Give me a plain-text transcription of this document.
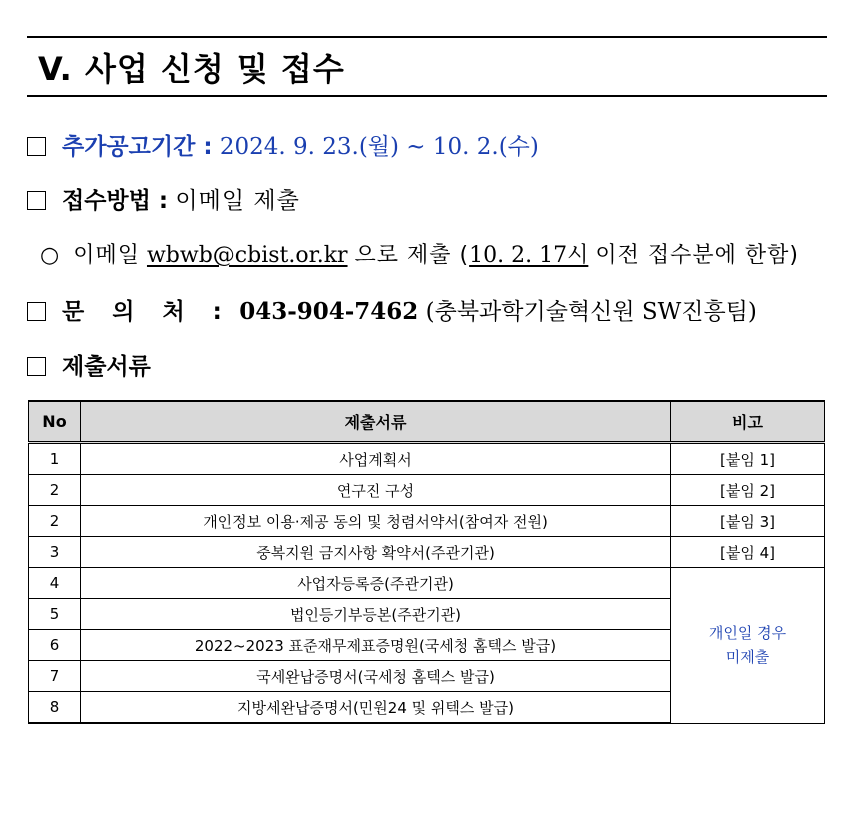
V. 사업 신청 및 접수
추가공고기간 : 2024. 9. 23.(월) ~ 10. 2.(수)
접수방법 : 이메일 제출
○ 이메일 wbwb@cbist.or.kr 으로 제출 (10. 2. 17시 이전 접수분에 한함)
문 의 처 : 043-904-7462 (충북과학기술혁신원 SW진흥팀)
제출서류
No	제출서류	비고
1	사업계획서	[붙임 1]
2	연구진 구성	[붙임 2]
2	개인정보 이용·제공 동의 및 청렴서약서(참여자 전원)	[붙임 3]
3	중복지원 금지사항 확약서(주관기관)	[붙임 4]
4	사업자등록증(주관기관)	개인일 경우
미제출
5	법인등기부등본(주관기관)	
6	2022~2023 표준재무제표증명원(국세청 홈텍스 발급)	
7	국세완납증명서(국세청 홈텍스 발급)	
8	지방세완납증명서(민원24 및 위텍스 발급)	
